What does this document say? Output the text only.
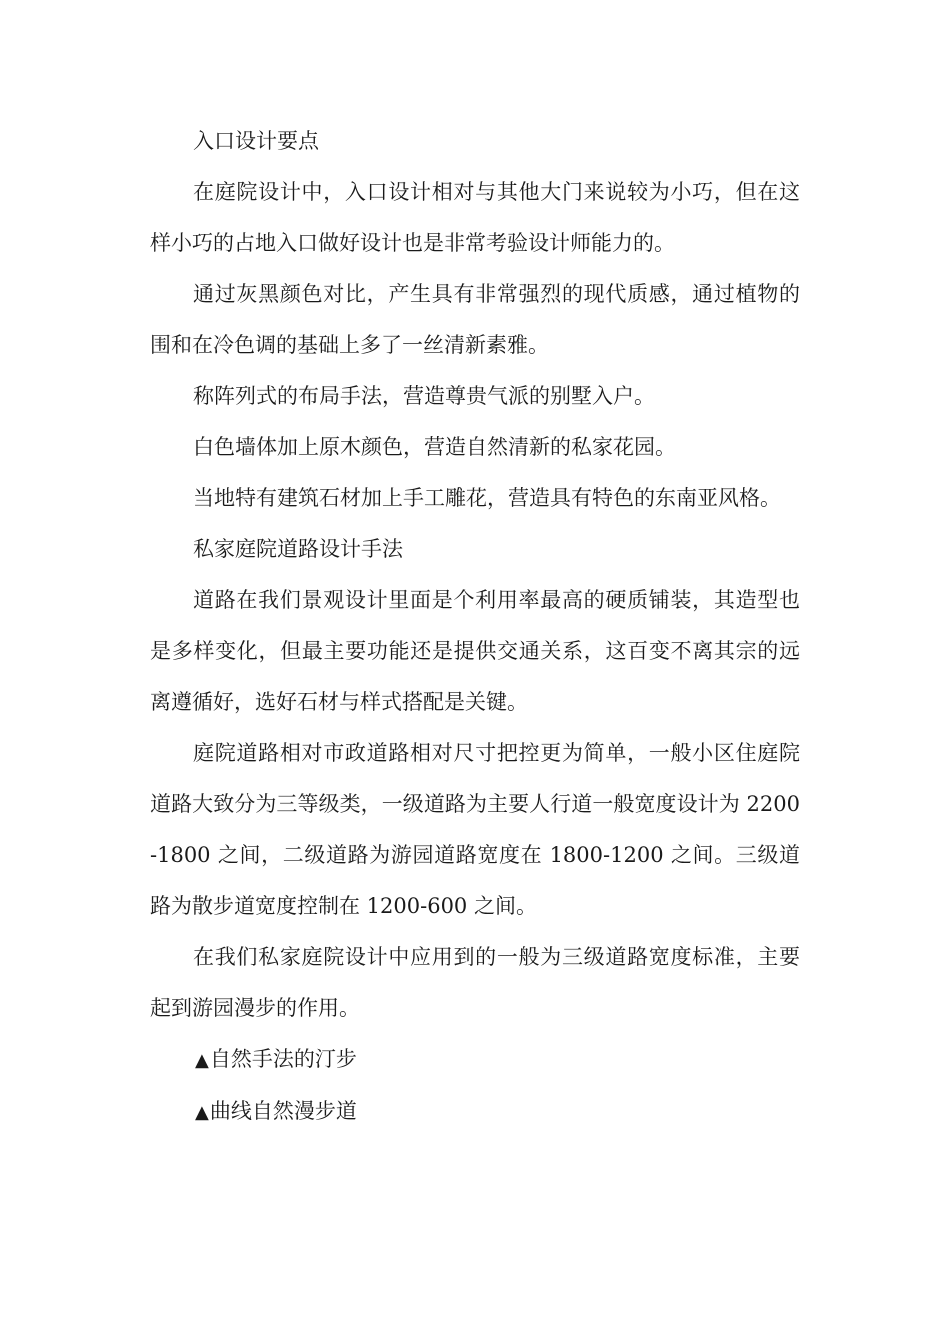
入口设计要点

在庭院设计中，入口设计相对与其他大门来说较为小巧，但在这样小巧的占地入口做好设计也是非常考验设计师能力的。

通过灰黑颜色对比，产生具有非常强烈的现代质感，通过植物的围和在冷色调的基础上多了一丝清新素雅。

称阵列式的布局手法，营造尊贵气派的别墅入户。

白色墙体加上原木颜色，营造自然清新的私家花园。

当地特有建筑石材加上手工雕花，营造具有特色的东南亚风格。

私家庭院道路设计手法

道路在我们景观设计里面是个利用率最高的硬质铺装，其造型也是多样变化，但最主要功能还是提供交通关系，这百变不离其宗的远离遵循好，选好石材与样式搭配是关键。

庭院道路相对市政道路相对尺寸把控更为简单，一般小区住庭院道路大致分为三等级类，一级道路为主要人行道一般宽度设计为 2200-1800 之间，二级道路为游园道路宽度在 1800-1200 之间。三级道路为散步道宽度控制在 1200-600 之间。

在我们私家庭院设计中应用到的一般为三级道路宽度标准，主要起到游园漫步的作用。

▲自然手法的汀步

▲曲线自然漫步道
